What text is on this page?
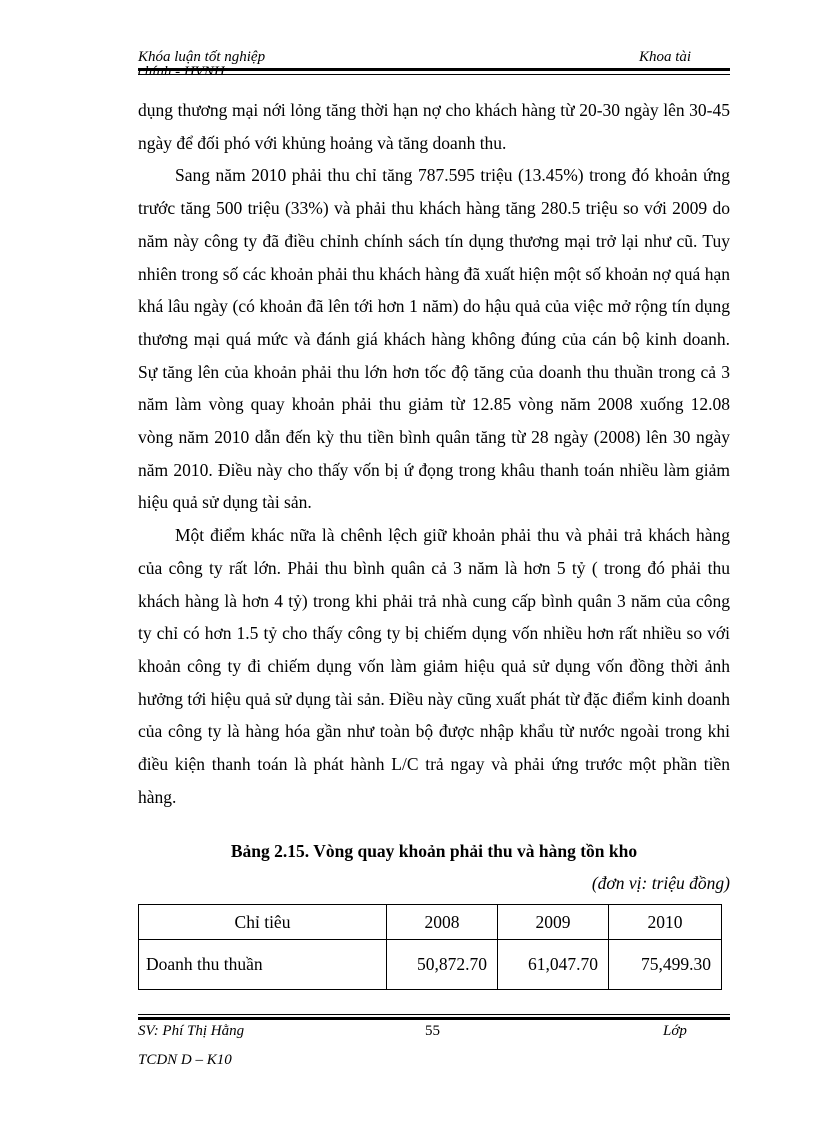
Khóa luận tốt nghiệp	Khoa tài

dụng thương mại nới lỏng tăng thời hạn nợ cho khách hàng từ 20-30 ngày lên 30-45 ngày để đối phó với khủng hoảng và tăng doanh thu.

Sang năm 2010 phải thu chỉ tăng 787.595 triệu (13.45%) trong đó khoản ứng trước tăng 500 triệu (33%) và phải thu khách hàng tăng 280.5 triệu so với 2009 do năm này công ty đã điều chỉnh chính sách tín dụng thương mại trở lại như cũ. Tuy nhiên trong số các khoản phải thu khách hàng đã xuất hiện một số khoản nợ quá hạn khá lâu ngày (có khoản đã lên tới hơn 1 năm) do hậu quả của việc mở rộng tín dụng thương mại quá mức và đánh giá khách hàng không đúng của cán bộ kinh doanh. Sự tăng lên của khoản phải thu lớn hơn tốc độ tăng của doanh thu thuần trong cả 3 năm làm vòng quay khoản phải thu giảm từ 12.85 vòng năm 2008 xuống 12.08 vòng năm 2010 dẫn đến kỳ thu tiền bình quân tăng từ 28 ngày (2008) lên 30 ngày năm 2010. Điều này cho thấy vốn bị ứ đọng trong khâu thanh toán nhiều làm giảm hiệu quả sử dụng tài sản.

Một điểm khác nữa là chênh lệch giữ khoản phải thu và phải trả khách hàng của công ty rất lớn. Phải thu bình quân cả 3 năm là hơn 5 tỷ ( trong đó phải thu khách hàng là hơn 4 tỷ) trong khi phải trả nhà cung cấp bình quân 3 năm của công ty chỉ có hơn 1.5 tỷ cho thấy công ty bị chiếm dụng vốn nhiều hơn rất nhiều so với khoản công ty đi chiếm dụng vốn làm giảm hiệu quả sử dụng vốn đồng thời ảnh hưởng tới hiệu quả sử dụng tài sản. Điều này cũng xuất phát từ đặc điểm kinh doanh của công ty là hàng hóa gần như toàn bộ được nhập khẩu từ nước ngoài trong khi điều kiện thanh toán là phát hành L/C trả ngay và phải ứng trước một phần tiền hàng.

Bảng 2.15. Vòng quay khoản phải thu và hàng tồn kho
(đơn vị: triệu đồng)
Chỉ tiêu	2008	2009	2010
Doanh thu thuần	50,872.70	61,047.70	75,499.30
SV: Phí Thị Hằng	55	Lớp
TCDN D – K10
